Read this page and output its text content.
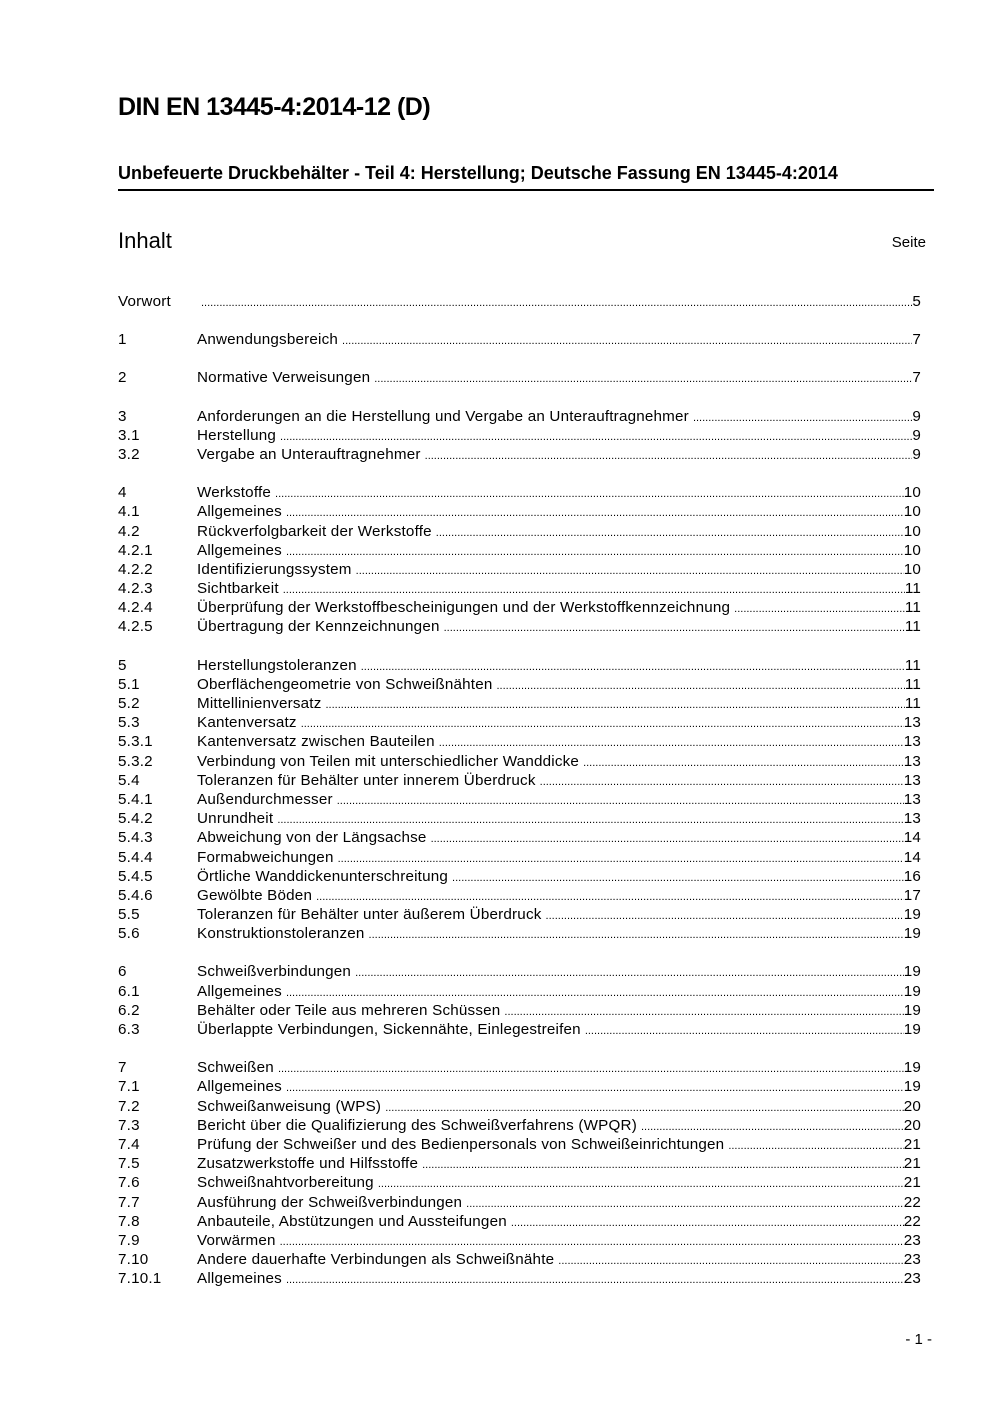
DIN EN 13445-4:2014-12 (D)
Unbefeuerte Druckbehälter - Teil 4: Herstellung; Deutsche Fassung EN 13445-4:2014
Inhalt	Seite
Vorwort .....	5
1	Anwendungsbereich .....	7
2	Normative Verweisungen .....	7
3	Anforderungen an die Herstellung und Vergabe an Unterauftragnehmer .....	9
3.1	Herstellung .....	9
3.2	Vergabe an Unterauftragnehmer .....	9
4	Werkstoffe .....	10
4.1	Allgemeines .....	10
4.2	Rückverfolgbarkeit der Werkstoffe .....	10
4.2.1	Allgemeines .....	10
4.2.2	Identifizierungssystem .....	10
4.2.3	Sichtbarkeit .....	11
4.2.4	Überprüfung der Werkstoffbescheinigungen und der Werkstoffkennzeichnung .....	11
4.2.5	Übertragung der Kennzeichnungen .....	11
5	Herstellungstoleranzen .....	11
5.1	Oberflächengeometrie von Schweißnähten .....	11
5.2	Mittellinienversatz .....	11
5.3	Kantenversatz .....	13
5.3.1	Kantenversatz zwischen Bauteilen .....	13
5.3.2	Verbindung von Teilen mit unterschiedlicher Wanddicke .....	13
5.4	Toleranzen für Behälter unter innerem Überdruck .....	13
5.4.1	Außendurchmesser .....	13
5.4.2	Unrundheit .....	13
5.4.3	Abweichung von der Längsachse .....	14
5.4.4	Formabweichungen .....	14
5.4.5	Örtliche Wanddickenunterschreitung .....	16
5.4.6	Gewölbte Böden .....	17
5.5	Toleranzen für Behälter unter äußerem Überdruck .....	19
5.6	Konstruktionstoleranzen .....	19
6	Schweißverbindungen .....	19
6.1	Allgemeines .....	19
6.2	Behälter oder Teile aus mehreren Schüssen .....	19
6.3	Überlappte Verbindungen, Sickennähte, Einlegestreifen .....	19
7	Schweißen .....	19
7.1	Allgemeines .....	19
7.2	Schweißanweisung (WPS) .....	20
7.3	Bericht über die Qualifizierung des Schweißverfahrens (WPQR) .....	20
7.4	Prüfung der Schweißer und des Bedienpersonals von Schweißeinrichtungen .....	21
7.5	Zusatzwerkstoffe und Hilfsstoffe .....	21
7.6	Schweißnahtvorbereitung .....	21
7.7	Ausführung der Schweißverbindungen .....	22
7.8	Anbauteile, Abstützungen und Aussteifungen .....	22
7.9	Vorwärmen .....	23
7.10	Andere dauerhafte Verbindungen als Schweißnähte .....	23
7.10.1	Allgemeines .....	23
- 1 -
